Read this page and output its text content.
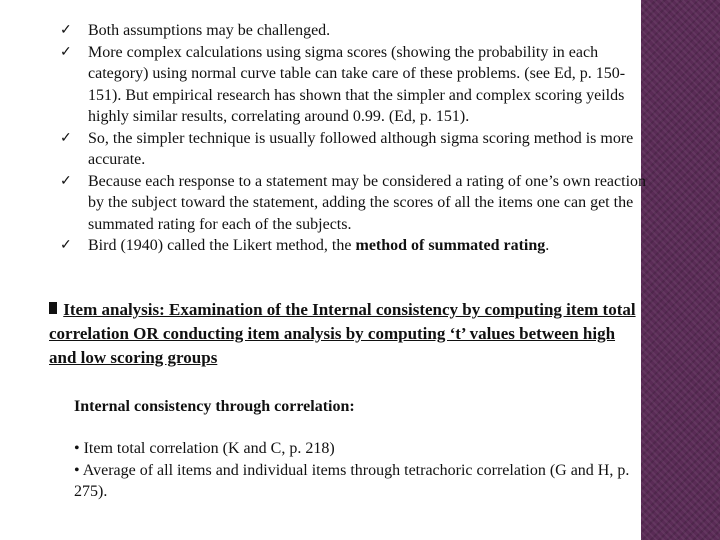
✓ Both assumptions may be challenged.
✓ More complex calculations using sigma scores (showing the probability in each category) using normal curve table can take care of these problems. (see Ed, p. 150-151). But empirical research has shown that the simpler and complex scoring yeilds highly similar results, correlating around 0.99. (Ed, p. 151).
✓ So, the simpler technique is usually followed although sigma scoring method is more accurate.
✓ Because each response to a statement may be considered a rating of one’s own reaction by the subject toward the statement, adding the scores of all the items one can get the summated rating for each of the subjects.
✓ Bird (1940) called the Likert method, the method of summated rating.
Item analysis: Examination of the Internal consistency by computing item total correlation OR conducting item analysis by computing ‘t’ values between high and low scoring groups
Internal consistency through correlation:
• Item total correlation (K and C, p. 218)
• Average of all items and individual items through tetrachoric correlation (G and H, p. 275).
